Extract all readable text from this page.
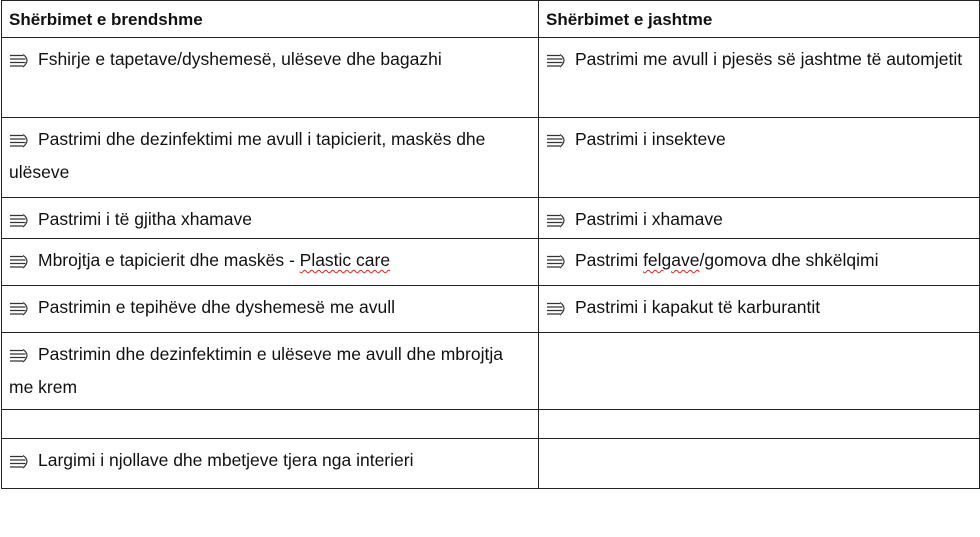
Shërbimet e brendshme	Shërbimet e jashtme
Fshirje e tapetave/dyshemesë, ulëseve dhe bagazhi	Pastrimi me avull i pjesës së jashtme të automjetit
Pastrimi dhe dezinfektimi me avull i tapicierit, maskës dhe ulëseve	Pastrimi i insekteve
Pastrimi i të gjitha xhamave	Pastrimi i xhamave
Mbrojtja e tapicierit dhe maskës - Plastic care	Pastrimi felgave/gomova dhe shkëlqimi
Pastrimin e tepihëve dhe dyshemesë me avull	Pastrimi i kapakut të karburantit
Pastrimin dhe dezinfektimin e ulëseve me avull dhe mbrojtja me krem	

Largimi i njollave dhe mbetjeve tjera nga interieri	
